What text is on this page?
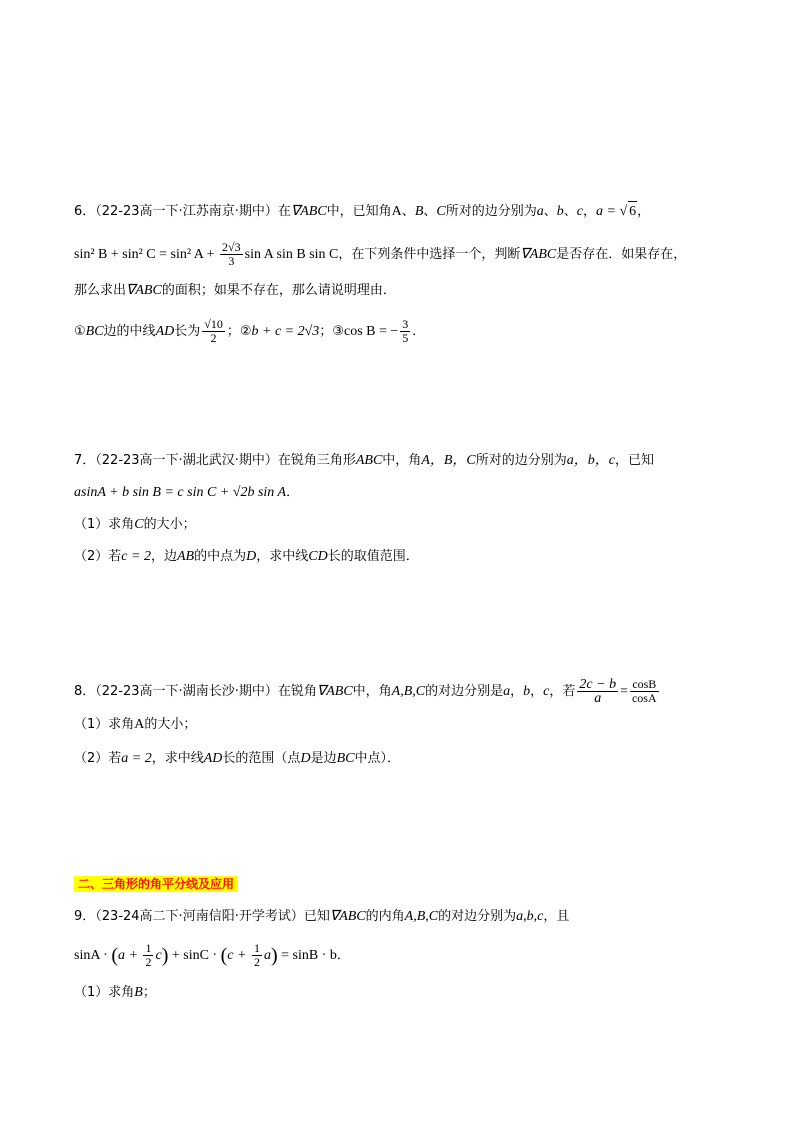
6．（22-23高一下·江苏南京·期中）在∇ABC中，已知角A、B、C所对的边分别为a、b、c，a = √ 6，
sin² B + sin² C = sin² $A + \frac{2√3}{3}$ sin A sin B sin C，在下列条件中选择一个，判断∇ABC是否存在．如果存在，
那么求出∇ABC的面积；如果不存在，那么请说明理由．
①BC边的中线AD长为 $\frac{√10}{2}$ ；②b + c = 2√3；③cos B = − $\frac{3}{5}$ ．
7．（22-23高一下·湖北武汉·期中）在锐角三角形ABC中，角A，B，C所对的边分别为a，b，c，已知
asinA + b sin B = c sin C + √2b sin A．
（1）求角C的大小；
（2）若c = 2，边AB的中点为D，求中线CD长的取值范围．
8．（22-23高一下·湖南长沙·期中）在锐角∇ABC中，角A,B,C的对边分别是a，b，c，若 $\frac{2c - b}{a} = \frac{\cos B}{\cos A}$
（1）求角A的大小；
（2）若a = 2，求中线AD长的范围（点D是边BC中点）．
二、三角形的角平分线及应用
9．（23-24高二下·河南信阳·开学考试）已知∇ABC的内角A,B,C的对边分别为a,b,c，且
$\sin A \cdot (a + \frac{1}{2} c) + \sin C \cdot (c + \frac{1}{2} a) = \sin B \cdot b$．
（1）求角B；
